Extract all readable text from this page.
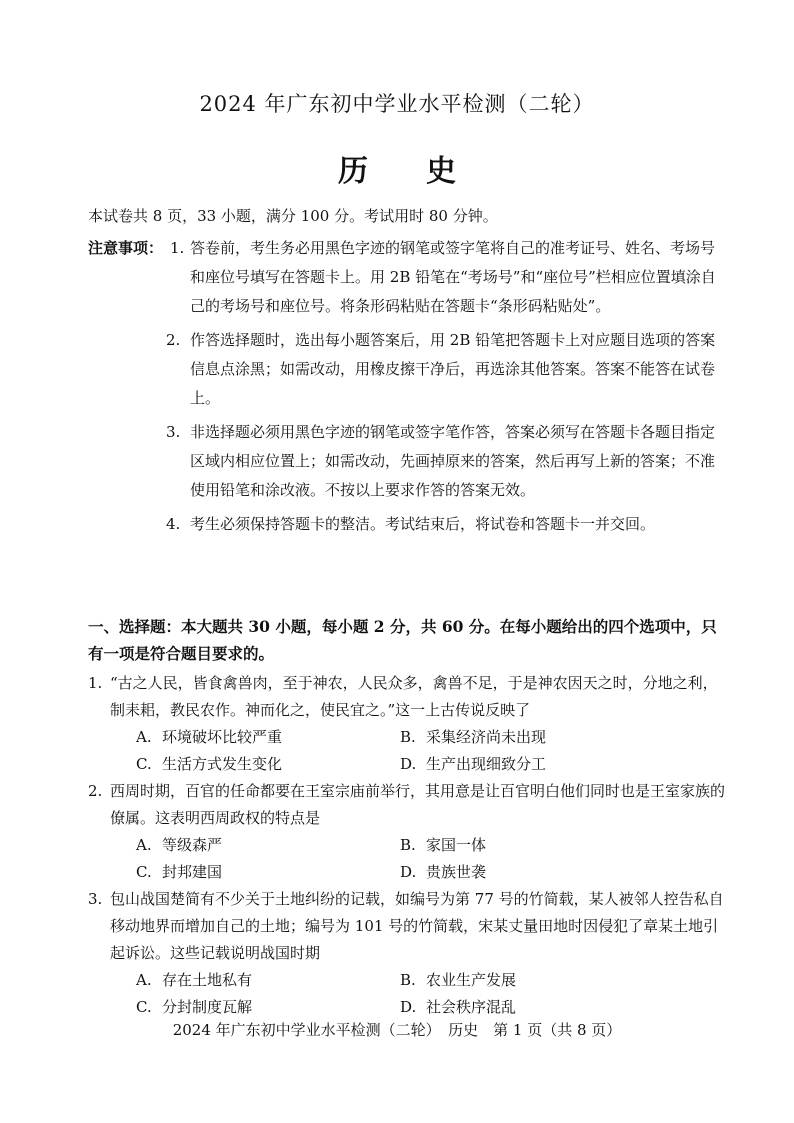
2024 年广东初中学业水平检测（二轮）
历史
本试卷共 8 页，33 小题，满分 100 分。考试用时 80 分钟。
注意事项： 1. 答卷前，考生务必用黑色字迹的钢笔或签字笔将自己的准考证号、姓名、考场号和座位号填写在答题卡上。用 2B 铅笔在“考场号”和“座位号”栏相应位置填涂自己的考场号和座位号。将条形码粘贴在答题卡“条形码粘贴处”。
2. 作答选择题时，选出每小题答案后，用 2B 铅笔把答题卡上对应题目选项的答案信息点涂黑；如需改动，用橡皮擦干净后，再选涂其他答案。答案不能答在试卷上。
3. 非选择题必须用黑色字迹的钢笔或签字笔作答，答案必须写在答题卡各题目指定区域内相应位置上；如需改动，先画掉原来的答案，然后再写上新的答案；不准使用铅笔和涂改液。不按以上要求作答的答案无效。
4. 考生必须保持答题卡的整洁。考试结束后，将试卷和答题卡一并交回。
一、选择题：本大题共 30 小题，每小题 2 分，共 60 分。在每小题给出的四个选项中，只有一项是符合题目要求的。
1. “古之人民，皆食禽兽肉，至于神农，人民众多，禽兽不足，于是神农因天之时，分地之利，制耒耜，教民农作。神而化之，使民宜之。”这一上古传说反映了
A. 环境破坏比较严重	B. 采集经济尚未出现
C. 生活方式发生变化	D. 生产出现细致分工
2. 西周时期，百官的任命都要在王室宗庙前举行，其用意是让百官明白他们同时也是王室家族的僚属。这表明西周政权的特点是
A. 等级森严	B. 家国一体
C. 封邦建国	D. 贵族世袭
3. 包山战国楚简有不少关于土地纠纷的记载，如编号为第 77 号的竹简载，某人被邻人控告私自移动地界而增加自己的土地；编号为 101 号的竹简载，宋某丈量田地时因侵犯了章某土地引起诉讼。这些记载说明战国时期
A. 存在土地私有	B. 农业生产发展
C. 分封制度瓦解	D. 社会秩序混乱
2024 年广东初中学业水平检测（二轮）　历史　第 1 页（共 8 页）
